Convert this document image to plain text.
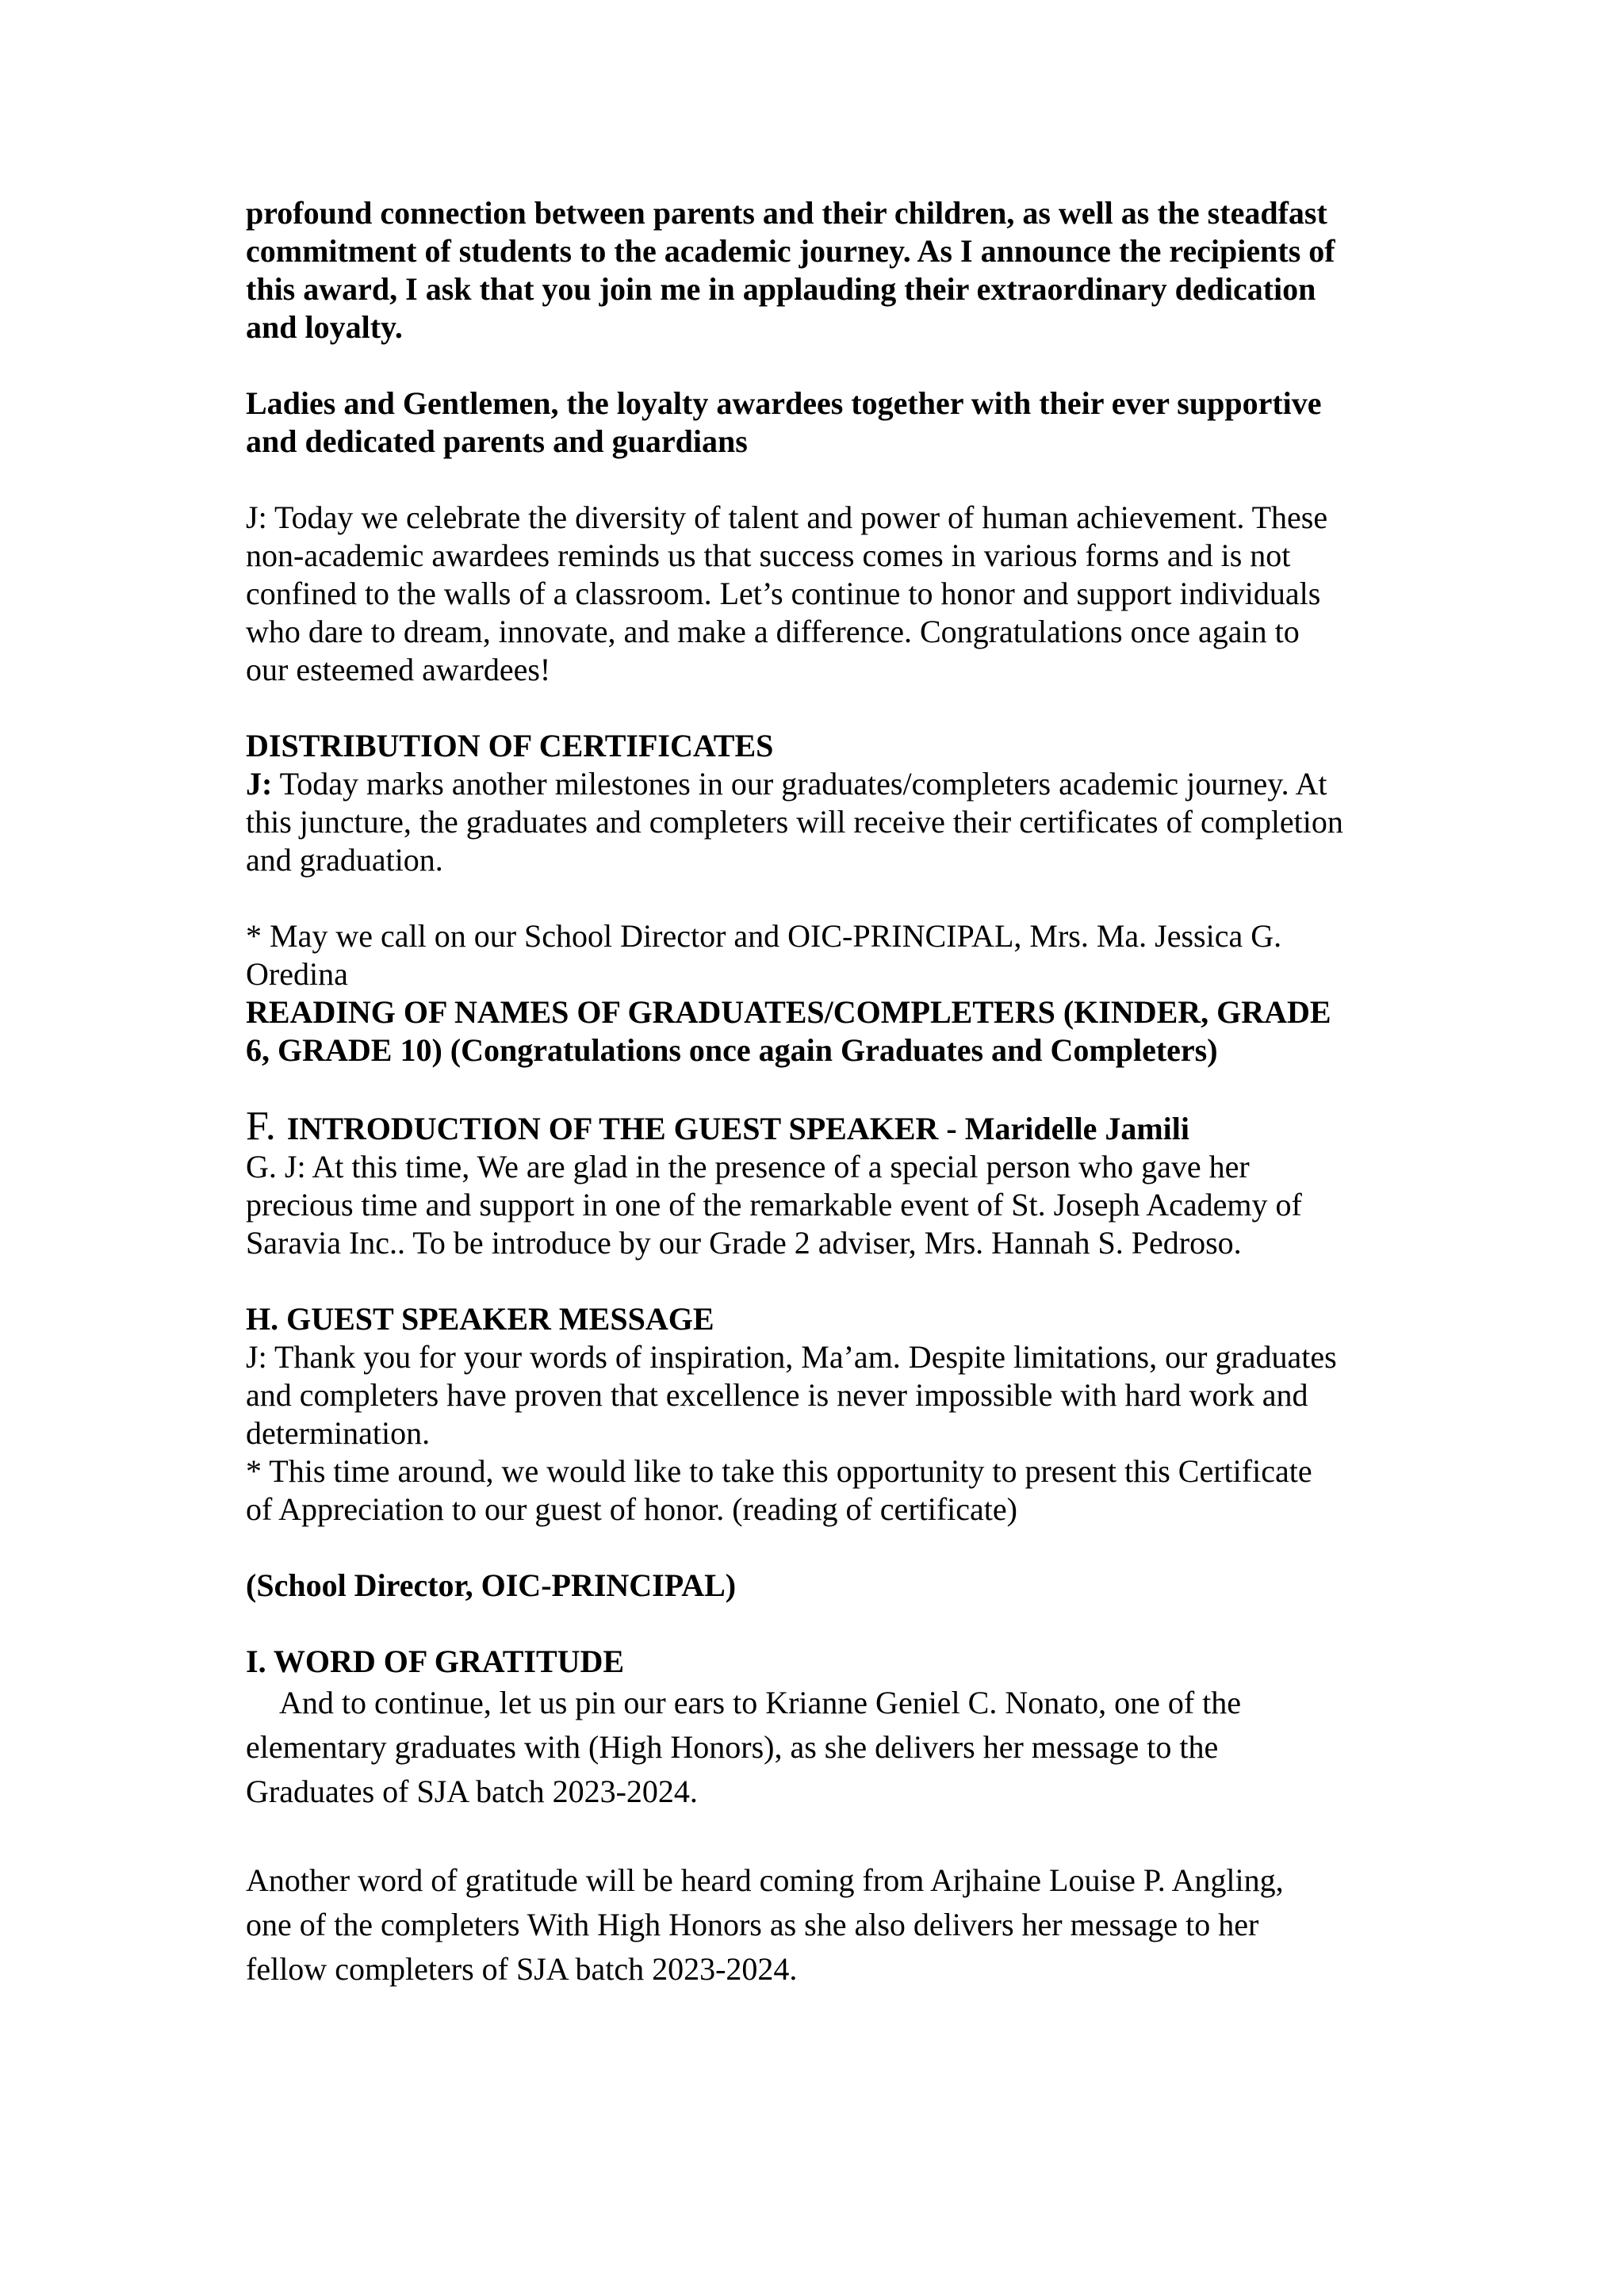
profound connection between parents and their children, as well as the steadfast

commitment of students to the academic journey. As I announce the recipients of

this award, I ask that you join me in applauding their extraordinary dedication

and loyalty.

Ladies and Gentlemen, the loyalty awardees together with their ever supportive

and dedicated parents and guardians

J: Today we celebrate the diversity of talent and power of human achievement. These

non-academic awardees reminds us that success comes in various forms and is not

confined to the walls of a classroom. Let’s continue to honor and support individuals

who dare to dream, innovate, and make a difference. Congratulations once again to

our esteemed awardees!

DISTRIBUTION OF CERTIFICATES

J: Today marks another milestones in our graduates/completers academic journey. At

this juncture, the graduates and completers will receive their certificates of completion

and graduation.

* May we call on our School Director and OIC-PRINCIPAL, Mrs. Ma. Jessica G.

Oredina

READING OF NAMES OF GRADUATES/COMPLETERS (KINDER, GRADE

6, GRADE 10) (Congratulations once again Graduates and Completers)

F. INTRODUCTION OF THE GUEST SPEAKER - Maridelle Jamili

G. J: At this time, We are glad in the presence of a special person who gave her

precious time and support in one of the remarkable event of St. Joseph Academy of

Saravia Inc.. To be introduce by our Grade 2 adviser, Mrs. Hannah S. Pedroso.

H. GUEST SPEAKER MESSAGE

J: Thank you for your words of inspiration, Ma’am. Despite limitations, our graduates

and completers have proven that excellence is never impossible with hard work and

determination.

* This time around, we would like to take this opportunity to present this Certificate

of Appreciation to our guest of honor. (reading of certificate)

(School Director, OIC-PRINCIPAL)

I. WORD OF GRATITUDE

And to continue, let us pin our ears to Krianne Geniel C. Nonato, one of the

elementary graduates with (High Honors), as she delivers her message to the

Graduates of SJA batch 2023-2024.

Another word of gratitude will be heard coming from Arjhaine Louise P. Angling,

one of the completers With High Honors as she also delivers her message to her

fellow completers of SJA batch 2023-2024.
